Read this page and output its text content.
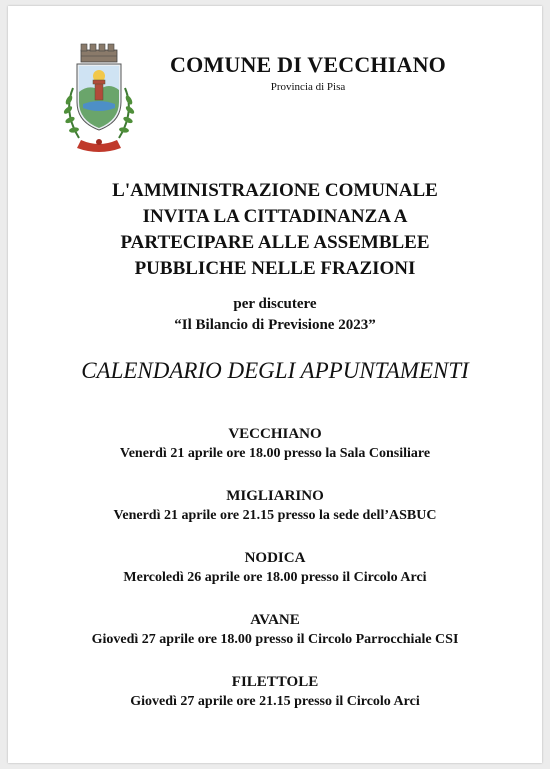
COMUNE DI VECCHIANO
Provincia di Pisa
L'AMMINISTRAZIONE COMUNALE
INVITA LA CITTADINANZA A
PARTECIPARE ALLE ASSEMBLEE
PUBBLICHE NELLE FRAZIONI
per discutere
“Il Bilancio di Previsione 2023”
CALENDARIO DEGLI APPUNTAMENTI
VECCHIANO
Venerdì 21 aprile ore 18.00 presso la Sala Consiliare
MIGLIARINO
Venerdì 21 aprile ore 21.15 presso la sede dell’ASBUC
NODICA
Mercoledì 26 aprile ore 18.00 presso il Circolo Arci
AVANE
Giovedì 27 aprile ore 18.00 presso il Circolo Parrocchiale CSI
FILETTOLE
Giovedì 27 aprile ore 21.15 presso il Circolo Arci
